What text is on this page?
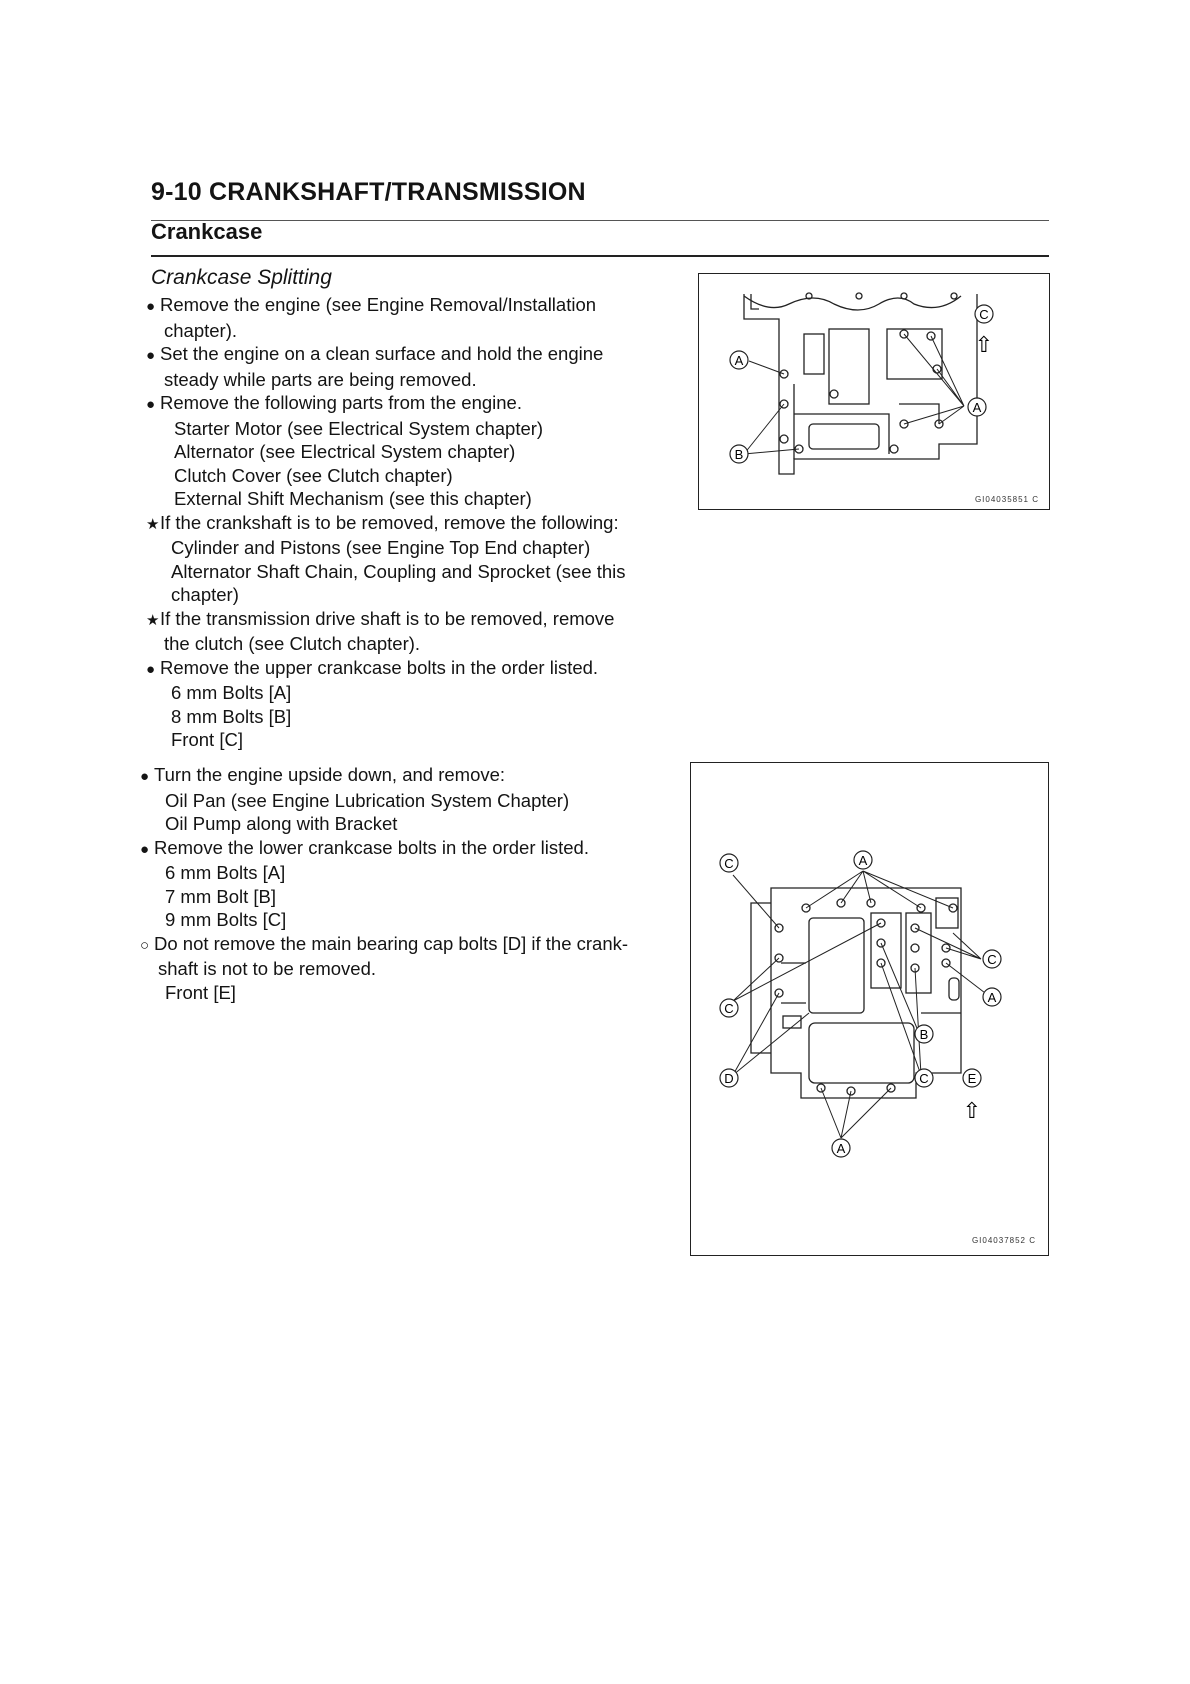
9-10 CRANKSHAFT/TRANSMISSION
Crankcase
Crankcase Splitting
● Remove the engine (see Engine Removal/Installation
chapter).
● Set the engine on a clean surface and hold the engine
steady while parts are being removed.
● Remove the following parts from the engine.
Starter Motor (see Electrical System chapter)
Alternator (see Electrical System chapter)
Clutch Cover (see Clutch chapter)
External Shift Mechanism (see this chapter)
★If the crankshaft is to be removed, remove the following:
Cylinder and Pistons (see Engine Top End chapter)
Alternator Shaft Chain, Coupling and Sprocket (see this
chapter)
★If the transmission drive shaft is to be removed, remove
the clutch (see Clutch chapter).
● Remove the upper crankcase bolts in the order listed.
6 mm Bolts [A]
8 mm Bolts [B]
Front [C]
● Turn the engine upside down, and remove:
Oil Pan (see Engine Lubrication System Chapter)
Oil Pump along with Bracket
● Remove the lower crankcase bolts in the order listed.
6 mm Bolts [A]
7 mm Bolt [B]
9 mm Bolts [C]
○ Do not remove the main bearing cap bolts [D] if the crank-
shaft is not to be removed.
Front [E]
A
A
B
C
⇧
GI04035851 C
C	A
C
C
A
B
D	C	E
A
⇧
GI04037852 C
